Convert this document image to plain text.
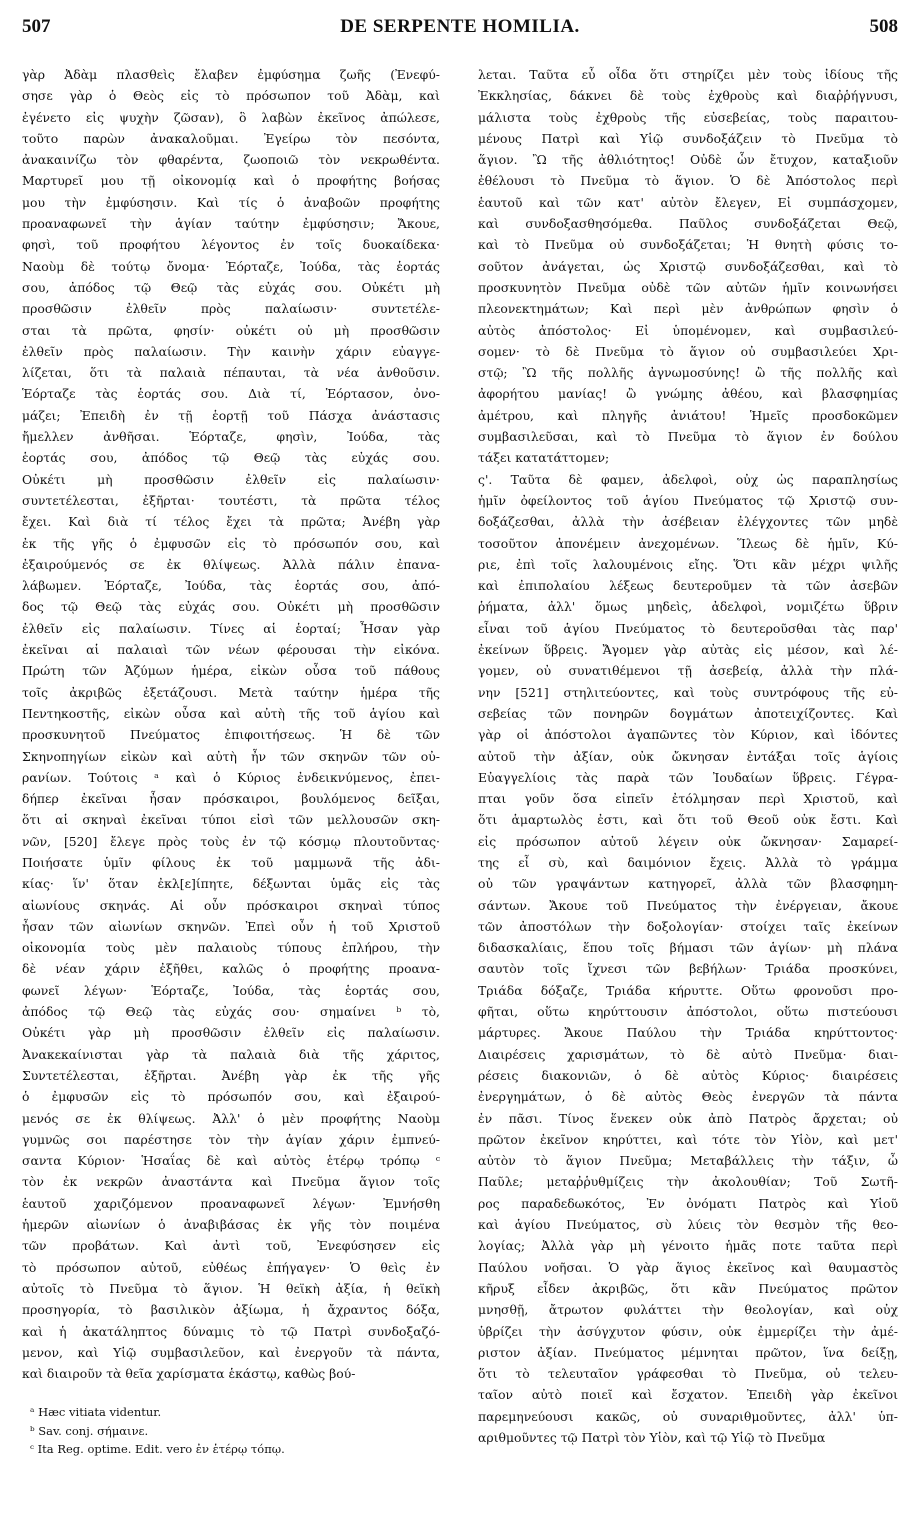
507	DE SERPENTE HOMILIA.	508
γὰρ Ἀδὰμ πλασθεὶς ἔλαβεν ἐμφύσημα ζωῆς (Ἐνεφύ-
σησε γὰρ ὁ Θεὸς εἰς τὸ πρόσωπον τοῦ Ἀδὰμ, καὶ
ἐγένετο εἰς ψυχὴν ζῶσαν), ὃ λαβὼν ἐκεῖνος ἀπώλεσε,
τοῦτο παρὼν ἀνακαλοῦμαι. Ἐγείρω τὸν πεσόντα,
ἀνακαινίζω τὸν φθαρέντα, ζωοποιῶ τὸν νεκρωθέντα.
Μαρτυρεῖ μου τῇ οἰκονομίᾳ καὶ ὁ προφήτης βοήσας
μου τὴν ἐμφύσησιν. Καὶ τίς ὁ ἀναβοῶν προφήτης
προαναφωνεῖ τὴν ἁγίαν ταύτην ἐμφύσησιν; Ἄκουε,
φησὶ, τοῦ προφήτου λέγοντος ἐν τοῖς δυοκαίδεκα·
Ναοὺμ δὲ τούτῳ ὄνομα· Ἑόρταζε, Ἰούδα, τὰς ἑορτάς
σου, ἀπόδος τῷ Θεῷ τὰς εὐχάς σου. Οὐκέτι μὴ
προσθῶσιν ἐλθεῖν πρὸς παλαίωσιν· συντετέλε-
σται τὰ πρῶτα, φησίν· οὐκέτι οὐ μὴ προσθῶσιν
ἐλθεῖν πρὸς παλαίωσιν. Τὴν καινὴν χάριν εὐαγγε-
λίζεται, ὅτι τὰ παλαιὰ πέπαυται, τὰ νέα ἀνθοῦσιν.
Ἑόρταζε τὰς ἑορτάς σου. Διὰ τί, Ἑόρτασον, ὀνο-
μάζει; Ἐπειδὴ ἐν τῇ ἑορτῇ τοῦ Πάσχα ἀνάστασις
ἤμελλεν ἀνθῆσαι. Ἑόρταζε, φησὶν, Ἰούδα, τὰς
ἑορτάς σου, ἀπόδος τῷ Θεῷ τὰς εὐχάς σου.
Οὐκέτι μὴ προσθῶσιν ἐλθεῖν εἰς παλαίωσιν·
συντετέλεσται, ἐξῆρται· τουτέστι, τὰ πρῶτα τέλος
ἔχει. Καὶ διὰ τί τέλος ἔχει τὰ πρῶτα; Ἀνέβη γὰρ
ἐκ τῆς γῆς ὁ ἐμφυσῶν εἰς τὸ πρόσωπόν σου, καὶ
ἐξαιρούμενός σε ἐκ θλίψεως. Ἀλλὰ πάλιν ἐπανα-
λάβωμεν. Ἑόρταζε, Ἰούδα, τὰς ἑορτάς σου, ἀπό-
δος τῷ Θεῷ τὰς εὐχάς σου. Οὐκέτι μὴ προσθῶσιν
ἐλθεῖν εἰς παλαίωσιν. Τίνες αἱ ἑορταί; Ἦσαν γὰρ
ἐκεῖναι αἱ παλαιαὶ τῶν νέων φέρουσαι τὴν εἰκόνα.
Πρώτη τῶν Ἀζύμων ἡμέρα, εἰκὼν οὖσα τοῦ πάθους
τοῖς ἀκριβῶς ἐξετάζουσι. Μετὰ ταύτην ἡμέρα τῆς
Πεντηκοστῆς, εἰκὼν οὖσα καὶ αὐτὴ τῆς τοῦ ἁγίου καὶ
προσκυνητοῦ Πνεύματος ἐπιφοιτήσεως. Ἡ δὲ τῶν
Σκηνοπηγίων εἰκὼν καὶ αὐτὴ ἦν τῶν σκηνῶν τῶν οὐ-
ρανίων. Τούτοις ᵃ καὶ ὁ Κύριος ἐνδεικνύμενος, ἐπει-
δήπερ ἐκεῖναι ἦσαν πρόσκαιροι, βουλόμενος δεῖξαι,
ὅτι αἱ σκηναὶ ἐκεῖναι τύποι εἰσὶ τῶν μελλουσῶν σκη-
νῶν, [520] ἔλεγε πρὸς τοὺς ἐν τῷ κόσμῳ πλουτοῦντας·
Ποιήσατε ὑμῖν φίλους ἐκ τοῦ μαμμωνᾶ τῆς ἀδι-
κίας· ἵν' ὅταν ἐκλ[ε]ίπητε, δέξωνται ὑμᾶς εἰς τὰς
αἰωνίους σκηνάς. Αἱ οὖν πρόσκαιροι σκηναὶ τύπος
ἦσαν τῶν αἰωνίων σκηνῶν. Ἐπεὶ οὖν ἡ τοῦ Χριστοῦ
οἰκονομία τοὺς μὲν παλαιοὺς τύπους ἐπλήρου, τὴν
δὲ νέαν χάριν ἐξῆθει, καλῶς ὁ προφήτης προανα-
φωνεῖ λέγων· Ἑόρταζε, Ἰούδα, τὰς ἑορτάς σου,
ἀπόδος τῷ Θεῷ τὰς εὐχάς σου· σημαίνει ᵇ τὸ,
Οὐκέτι γὰρ μὴ προσθῶσιν ἐλθεῖν εἰς παλαίωσιν.
Ἀνακεκαίνισται γὰρ τὰ παλαιὰ διὰ τῆς χάριτος,
Συντετέλεσται, ἐξῆρται. Ἀνέβη γὰρ ἐκ τῆς γῆς
ὁ ἐμφυσῶν εἰς τὸ πρόσωπόν σου, καὶ ἐξαιρού-
μενός σε ἐκ θλίψεως. Ἀλλ' ὁ μὲν προφήτης Ναοὺμ
γυμνῶς σοι παρέστησε τὸν τὴν ἁγίαν χάριν ἐμπνεύ-
σαντα Κύριον· Ἡσαΐας δὲ καὶ αὐτὸς ἑτέρῳ τρόπῳ ᶜ
τὸν ἐκ νεκρῶν ἀναστάντα καὶ Πνεῦμα ἅγιον τοῖς
ἑαυτοῦ χαριζόμενον προαναφωνεῖ λέγων· Ἐμνήσθη
ἡμερῶν αἰωνίων ὁ ἀναβιβάσας ἐκ γῆς τὸν ποιμένα
τῶν προβάτων. Καὶ ἀντὶ τοῦ, Ἐνεφύσησεν εἰς
τὸ πρόσωπον αὐτοῦ, εὐθέως ἐπήγαγεν· Ὁ θεὶς ἐν
αὐτοῖς τὸ Πνεῦμα τὸ ἅγιον. Ἡ θεϊκὴ ἀξία, ἡ θεϊκὴ
προσηγορία, τὸ βασιλικὸν ἀξίωμα, ἡ ἄχραντος δόξα,
καὶ ἡ ἀκατάληπτος δύναμις τὸ τῷ Πατρὶ συνδοξαζό-
μενον, καὶ Υἱῷ συμβασιλεῦον, καὶ ἐνεργοῦν τὰ πάντα,
καὶ διαιροῦν τὰ θεῖα χαρίσματα ἑκάστῳ, καθὼς βού-
λεται. Ταῦτα εὖ οἶδα ὅτι στηρίζει μὲν τοὺς ἰδίους τῆς
Ἐκκλησίας, δάκνει δὲ τοὺς ἐχθροὺς καὶ διαῤῥήγνυσι,
μάλιστα τοὺς ἐχθροὺς τῆς εὐσεβείας, τοὺς παραιτου-
μένους Πατρὶ καὶ Υἱῷ συνδοξάζειν τὸ Πνεῦμα τὸ
ἅγιον. Ὢ τῆς ἀθλιότητος! Οὐδὲ ὧν ἔτυχον, καταξιοῦν
ἐθέλουσι τὸ Πνεῦμα τὸ ἅγιον. Ὁ δὲ Ἀπόστολος περὶ
ἑαυτοῦ καὶ τῶν κατ' αὐτὸν ἔλεγεν, Εἰ συμπάσχομεν,
καὶ συνδοξασθησόμεθα. Παῦλος συνδοξάζεται Θεῷ,
καὶ τὸ Πνεῦμα οὐ συνδοξάζεται; Ἡ θνητὴ φύσις το-
σοῦτον ἀνάγεται, ὡς Χριστῷ συνδοξάζεσθαι, καὶ τὸ
προσκυνητὸν Πνεῦμα οὐδὲ τῶν αὐτῶν ἡμῖν κοινωνήσει
πλεονεκτημάτων; Καὶ περὶ μὲν ἀνθρώπων φησὶν ὁ
αὐτὸς ἀπόστολος· Εἰ ὑπομένομεν, καὶ συμβασιλεύ-
σομεν· τὸ δὲ Πνεῦμα τὸ ἅγιον οὐ συμβασιλεύει Χρι-
στῷ; Ὢ τῆς πολλῆς ἀγνωμοσύνης! ὢ τῆς πολλῆς καὶ
ἀφορήτου μανίας! ὢ γνώμης ἀθέου, καὶ βλασφημίας
ἀμέτρου, καὶ πληγῆς ἀνιάτου! Ἡμεῖς προσδοκῶμεν
συμβασιλεῦσαι, καὶ τὸ Πνεῦμα τὸ ἅγιον ἐν δούλου
τάξει κατατάττομεν;
ς'. Ταῦτα δὲ φαμεν, ἀδελφοὶ, οὐχ ὡς παραπλησίως
ἡμῖν ὀφείλοντος τοῦ ἁγίου Πνεύματος τῷ Χριστῷ συν-
δοξάζεσθαι, ἀλλὰ τὴν ἀσέβειαν ἐλέγχοντες τῶν μηδὲ
τοσοῦτον ἀπονέμειν ἀνεχομένων. Ἵλεως δὲ ἡμῖν, Κύ-
ριε, ἐπὶ τοῖς λαλουμένοις εἴης. Ὅτι κἂν μέχρι ψιλῆς
καὶ ἐπιπολαίου λέξεως δευτεροῦμεν τὰ τῶν ἀσεβῶν
ῥήματα, ἀλλ' ὅμως μηδεὶς, ἀδελφοὶ, νομιζέτω ὕβριν
εἶναι τοῦ ἁγίου Πνεύματος τὸ δευτεροῦσθαι τὰς παρ'
ἐκείνων ὕβρεις. Ἄγομεν γὰρ αὐτὰς εἰς μέσον, καὶ λέ-
γομεν, οὐ συνατιθέμενοι τῇ ἀσεβείᾳ, ἀλλὰ τὴν πλά-
νην [521] στηλιτεύοντες, καὶ τοὺς συντρόφους τῆς εὐ-
σεβείας τῶν πονηρῶν δογμάτων ἀποτειχίζοντες. Καὶ
γὰρ οἱ ἀπόστολοι ἀγαπῶντες τὸν Κύριον, καὶ ἰδόντες
αὐτοῦ τὴν ἀξίαν, οὐκ ὤκνησαν ἐντάξαι τοῖς ἁγίοις
Εὐαγγελίοις τὰς παρὰ τῶν Ἰουδαίων ὕβρεις. Γέγρα-
πται γοῦν ὅσα εἰπεῖν ἐτόλμησαν περὶ Χριστοῦ, καὶ
ὅτι ἁμαρτωλὸς ἐστι, καὶ ὅτι τοῦ Θεοῦ οὐκ ἔστι. Καὶ
εἰς πρόσωπον αὐτοῦ λέγειν οὐκ ὤκνησαν· Σαμαρεί-
της εἶ σὺ, καὶ δαιμόνιον ἔχεις. Ἀλλὰ τὸ γράμμα
οὐ τῶν γραψάντων κατηγορεῖ, ἀλλὰ τῶν βλασφημη-
σάντων. Ἄκουε τοῦ Πνεύματος τὴν ἐνέργειαν, ἄκουε
τῶν ἀποστόλων τὴν δοξολογίαν· στοίχει ταῖς ἐκείνων
διδασκαλίαις, ἕπου τοῖς βήμασι τῶν ἁγίων· μὴ πλάνα
σαυτὸν τοῖς ἴχνεσι τῶν βεβήλων· Τριάδα προσκύνει,
Τριάδα δόξαζε, Τριάδα κήρυττε. Οὕτω φρονοῦσι προ-
φῆται, οὕτω κηρύττουσιν ἀπόστολοι, οὕτω πιστεύουσι
μάρτυρες. Ἄκουε Παύλου τὴν Τριάδα κηρύττοντος·
Διαιρέσεις χαρισμάτων, τὸ δὲ αὐτὸ Πνεῦμα· διαι-
ρέσεις διακονιῶν, ὁ δὲ αὐτὸς Κύριος· διαιρέσεις
ἐνεργημάτων, ὁ δὲ αὐτὸς Θεὸς ἐνεργῶν τὰ πάντα
ἐν πᾶσι. Τίνος ἕνεκεν οὐκ ἀπὸ Πατρὸς ἄρχεται; οὐ
πρῶτον ἐκεῖνον κηρύττει, καὶ τότε τὸν Υἱὸν, καὶ μετ'
αὐτὸν τὸ ἅγιον Πνεῦμα; Μεταβάλλεις τὴν τάξιν, ὦ
Παῦλε; μεταῤῥυθμίζεις τὴν ἀκολουθίαν; Τοῦ Σωτῆ-
ρος παραδεδωκότος, Ἐν ὀνόματι Πατρὸς καὶ Υἱοῦ
καὶ ἁγίου Πνεύματος, σὺ λύεις τὸν θεσμὸν τῆς θεο-
λογίας; Ἀλλὰ γὰρ μὴ γένοιτο ἡμᾶς ποτε ταῦτα περὶ
Παύλου νοῆσαι. Ὁ γὰρ ἅγιος ἐκεῖνος καὶ θαυμαστὸς
κῆρυξ εἶδεν ἀκριβῶς, ὅτι κἂν Πνεύματος πρῶτον
μνησθῇ, ἄτρωτον φυλάττει τὴν θεολογίαν, καὶ οὐχ
ὑβρίζει τὴν ἀσύγχυτον φύσιν, οὐκ ἐμμερίζει τὴν ἀμέ-
ριστον ἀξίαν. Πνεύματος μέμνηται πρῶτον, ἵνα δείξῃ,
ὅτι τὸ τελευταῖον γράφεσθαι τὸ Πνεῦμα, οὐ τελευ-
ταῖον αὐτὸ ποιεῖ καὶ ἔσχατον. Ἐπειδὴ γὰρ ἐκεῖνοι
παρεμηνεύουσι κακῶς, οὐ συναριθμοῦντες, ἀλλ' ὑπ-
αριθμοῦντες τῷ Πατρὶ τὸν Υἱὸν, καὶ τῷ Υἱῷ τὸ Πνεῦμα
ᵃ Hæc vitiata videntur.
ᵇ Sav. conj. σήμαινε.
ᶜ Ita Reg. optime. Edit. vero ἐν ἑτέρῳ τόπῳ.
